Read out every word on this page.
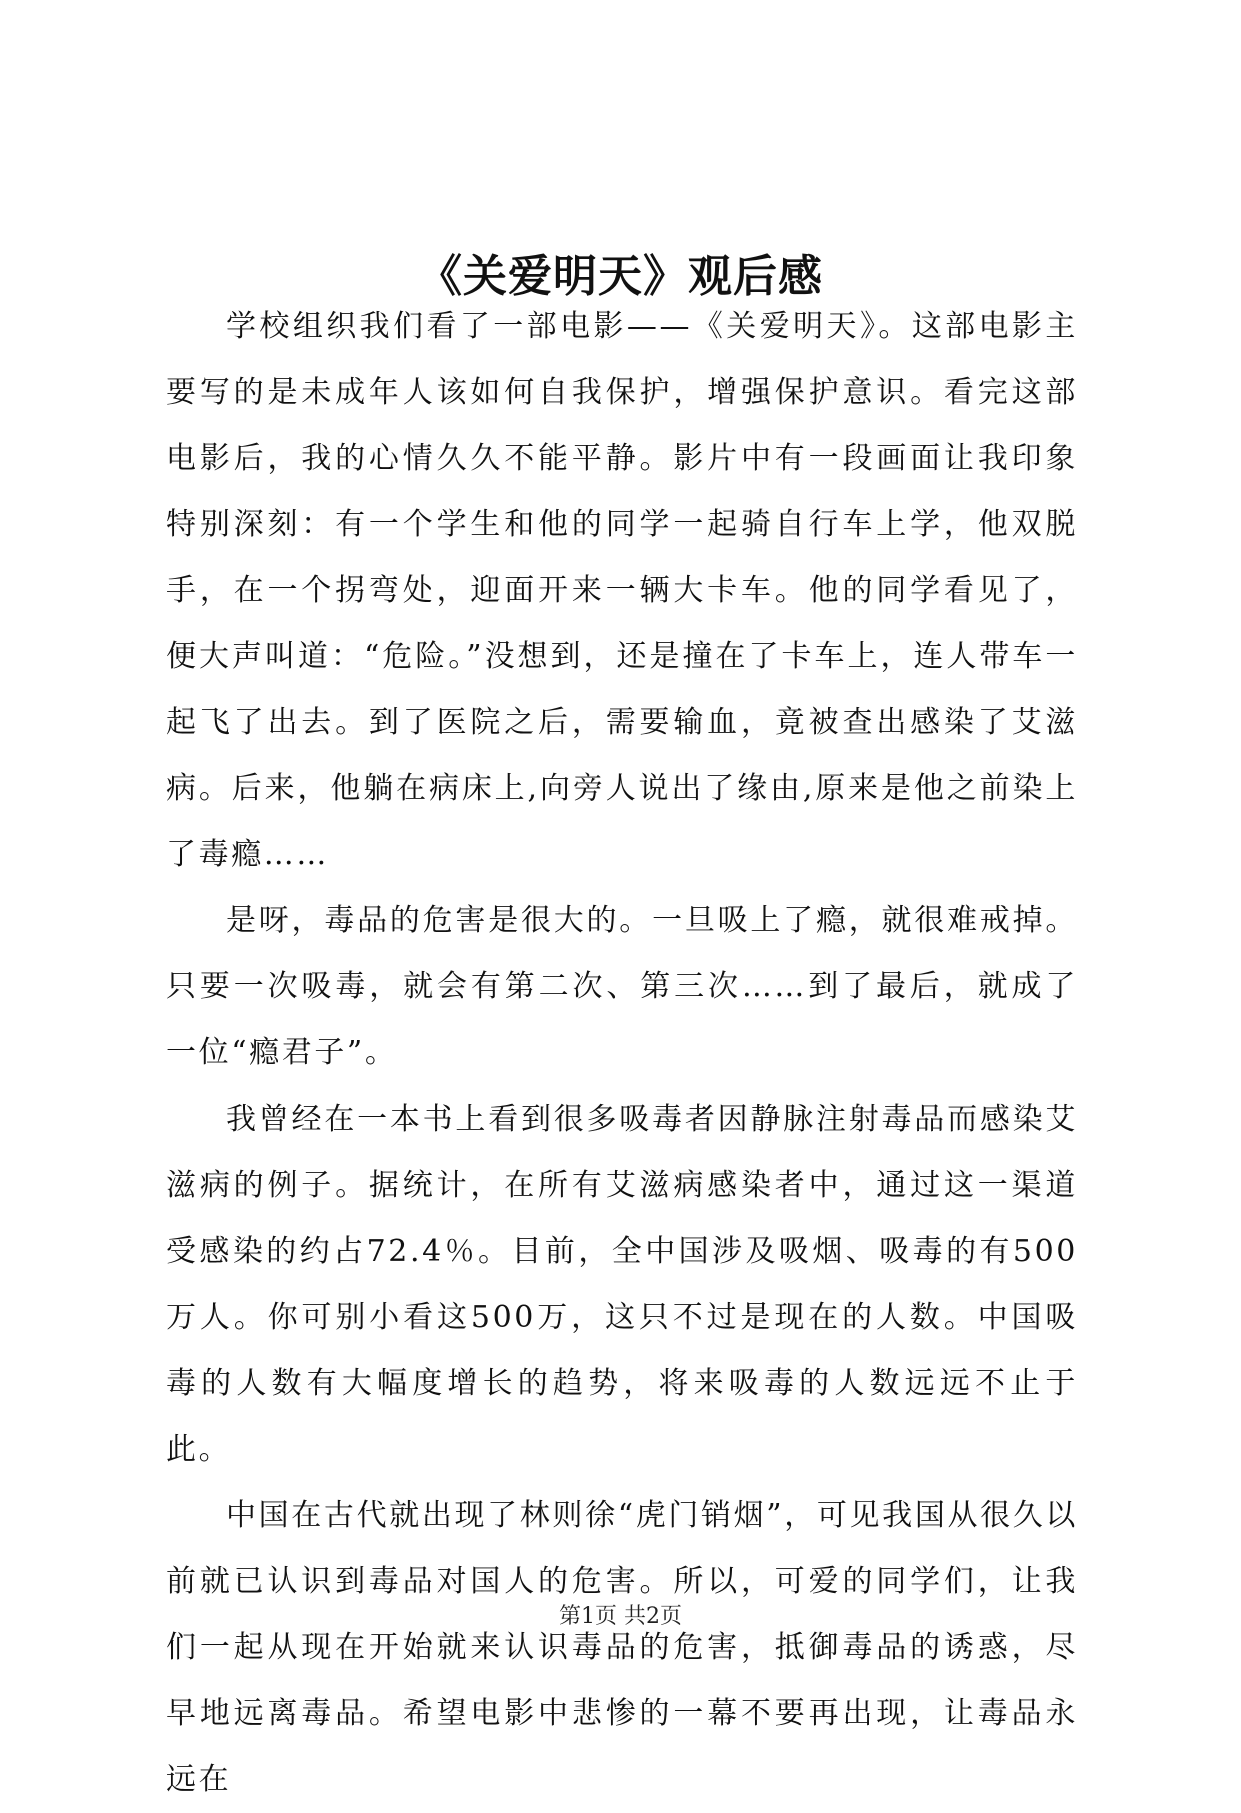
《关爱明天》观后感

学校组织我们看了一部电影——《关爱明天》。这部电影主要写的是未成年人该如何自我保护，增强保护意识。看完这部电影后，我的心情久久不能平静。影片中有一段画面让我印象特别深刻：有一个学生和他的同学一起骑自行车上学，他双脱手，在一个拐弯处，迎面开来一辆大卡车。他的同学看见了，便大声叫道：“危险。”没想到，还是撞在了卡车上，连人带车一起飞了出去。到了医院之后，需要输血，竟被查出感染了艾滋病。后来，他躺在病床上,向旁人说出了缘由,原来是他之前染上了毒瘾……

是呀，毒品的危害是很大的。一旦吸上了瘾，就很难戒掉。只要一次吸毒，就会有第二次、第三次……到了最后，就成了一位“瘾君子”。

我曾经在一本书上看到很多吸毒者因静脉注射毒品而感染艾滋病的例子。据统计，在所有艾滋病感染者中，通过这一渠道受感染的约占72.4％。目前，全中国涉及吸烟、吸毒的有500万人。你可别小看这500万，这只不过是现在的人数。中国吸毒的人数有大幅度增长的趋势，将来吸毒的人数远远不止于此。

中国在古代就出现了林则徐“虎门销烟”，可见我国从很久以前就已认识到毒品对国人的危害。所以，可爱的同学们，让我们一起从现在开始就来认识毒品的危害，抵御毒品的诱惑，尽早地远离毒品。希望电影中悲惨的一幕不要再出现，让毒品永远在

第1页 共2页
